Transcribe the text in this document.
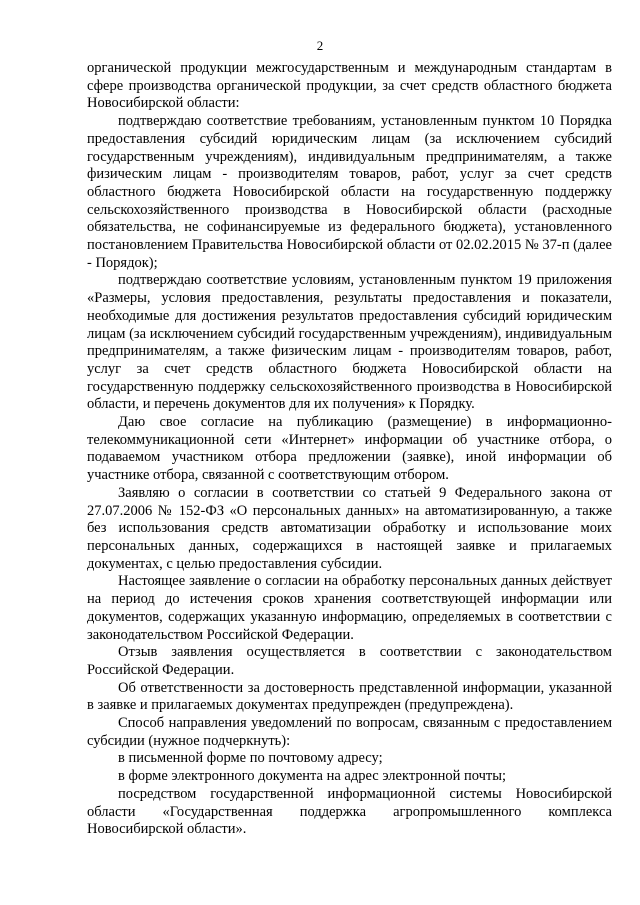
2

органической продукции межгосударственным и международным стандартам в сфере производства органической продукции, за счет средств областного бюджета Новосибирской области:

подтверждаю соответствие требованиям, установленным пунктом 10 Порядка предоставления субсидий юридическим лицам (за исключением субсидий государственным учреждениям), индивидуальным предпринимателям, а также физическим лицам - производителям товаров, работ, услуг за счет средств областного бюджета Новосибирской области на государственную поддержку сельскохозяйственного производства в Новосибирской области (расходные обязательства, не софинансируемые из федерального бюджета), установленного постановлением Правительства Новосибирской области от 02.02.2015 № 37-п (далее - Порядок);

подтверждаю соответствие условиям, установленным пунктом 19 приложения «Размеры, условия предоставления, результаты предоставления и показатели, необходимые для достижения результатов предоставления субсидий юридическим лицам (за исключением субсидий государственным учреждениям), индивидуальным предпринимателям, а также физическим лицам - производителям товаров, работ, услуг за счет средств областного бюджета Новосибирской области на государственную поддержку сельскохозяйственного производства в Новосибирской области, и перечень документов для их получения» к Порядку.

Даю свое согласие на публикацию (размещение) в информационно-телекоммуникационной сети «Интернет» информации об участнике отбора, о подаваемом участником отбора предложении (заявке), иной информации об участнике отбора, связанной с соответствующим отбором.

Заявляю о согласии в соответствии со статьей 9 Федерального закона от 27.07.2006 № 152-ФЗ «О персональных данных» на автоматизированную, а также без использования средств автоматизации обработку и использование моих персональных данных, содержащихся в настоящей заявке и прилагаемых документах, с целью предоставления субсидии.

Настоящее заявление о согласии на обработку персональных данных действует на период до истечения сроков хранения соответствующей информации или документов, содержащих указанную информацию, определяемых в соответствии с законодательством Российской Федерации.

Отзыв заявления осуществляется в соответствии с законодательством Российской Федерации.

Об ответственности за достоверность представленной информации, указанной в заявке и прилагаемых документах предупрежден (предупреждена).

Способ направления уведомлений по вопросам, связанным с предоставлением субсидии (нужное подчеркнуть):

в письменной форме по почтовому адресу;

в форме электронного документа на адрес электронной почты;

посредством государственной информационной системы Новосибирской области «Государственная поддержка агропромышленного комплекса Новосибирской области».
